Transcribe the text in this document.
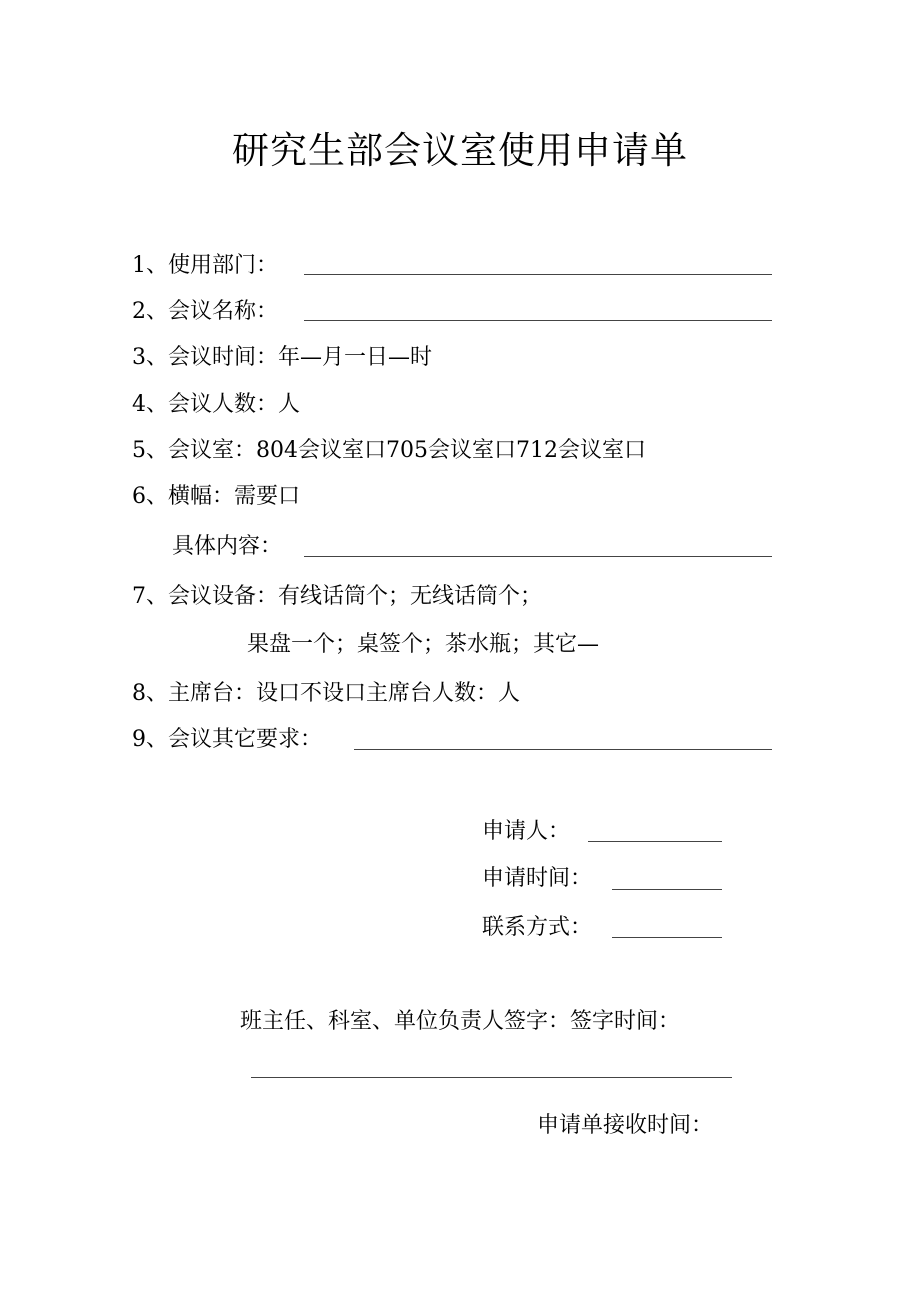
研究生部会议室使用申请单
1、使用部门：
2、会议名称：
3、会议时间：年—月一日—时
4、会议人数：人
5、会议室：804会议室口705会议室口712会议室口
6、横幅：需要口
具体内容：
7、会议设备：有线话筒个；无线话筒个；
果盘一个；桌签个；茶水瓶；其它—
8、主席台：设口不设口主席台人数：人
9、会议其它要求：
申请人：
申请时间：
联系方式：
班主任、科室、单位负责人签字：签字时间：
申请单接收时间：
